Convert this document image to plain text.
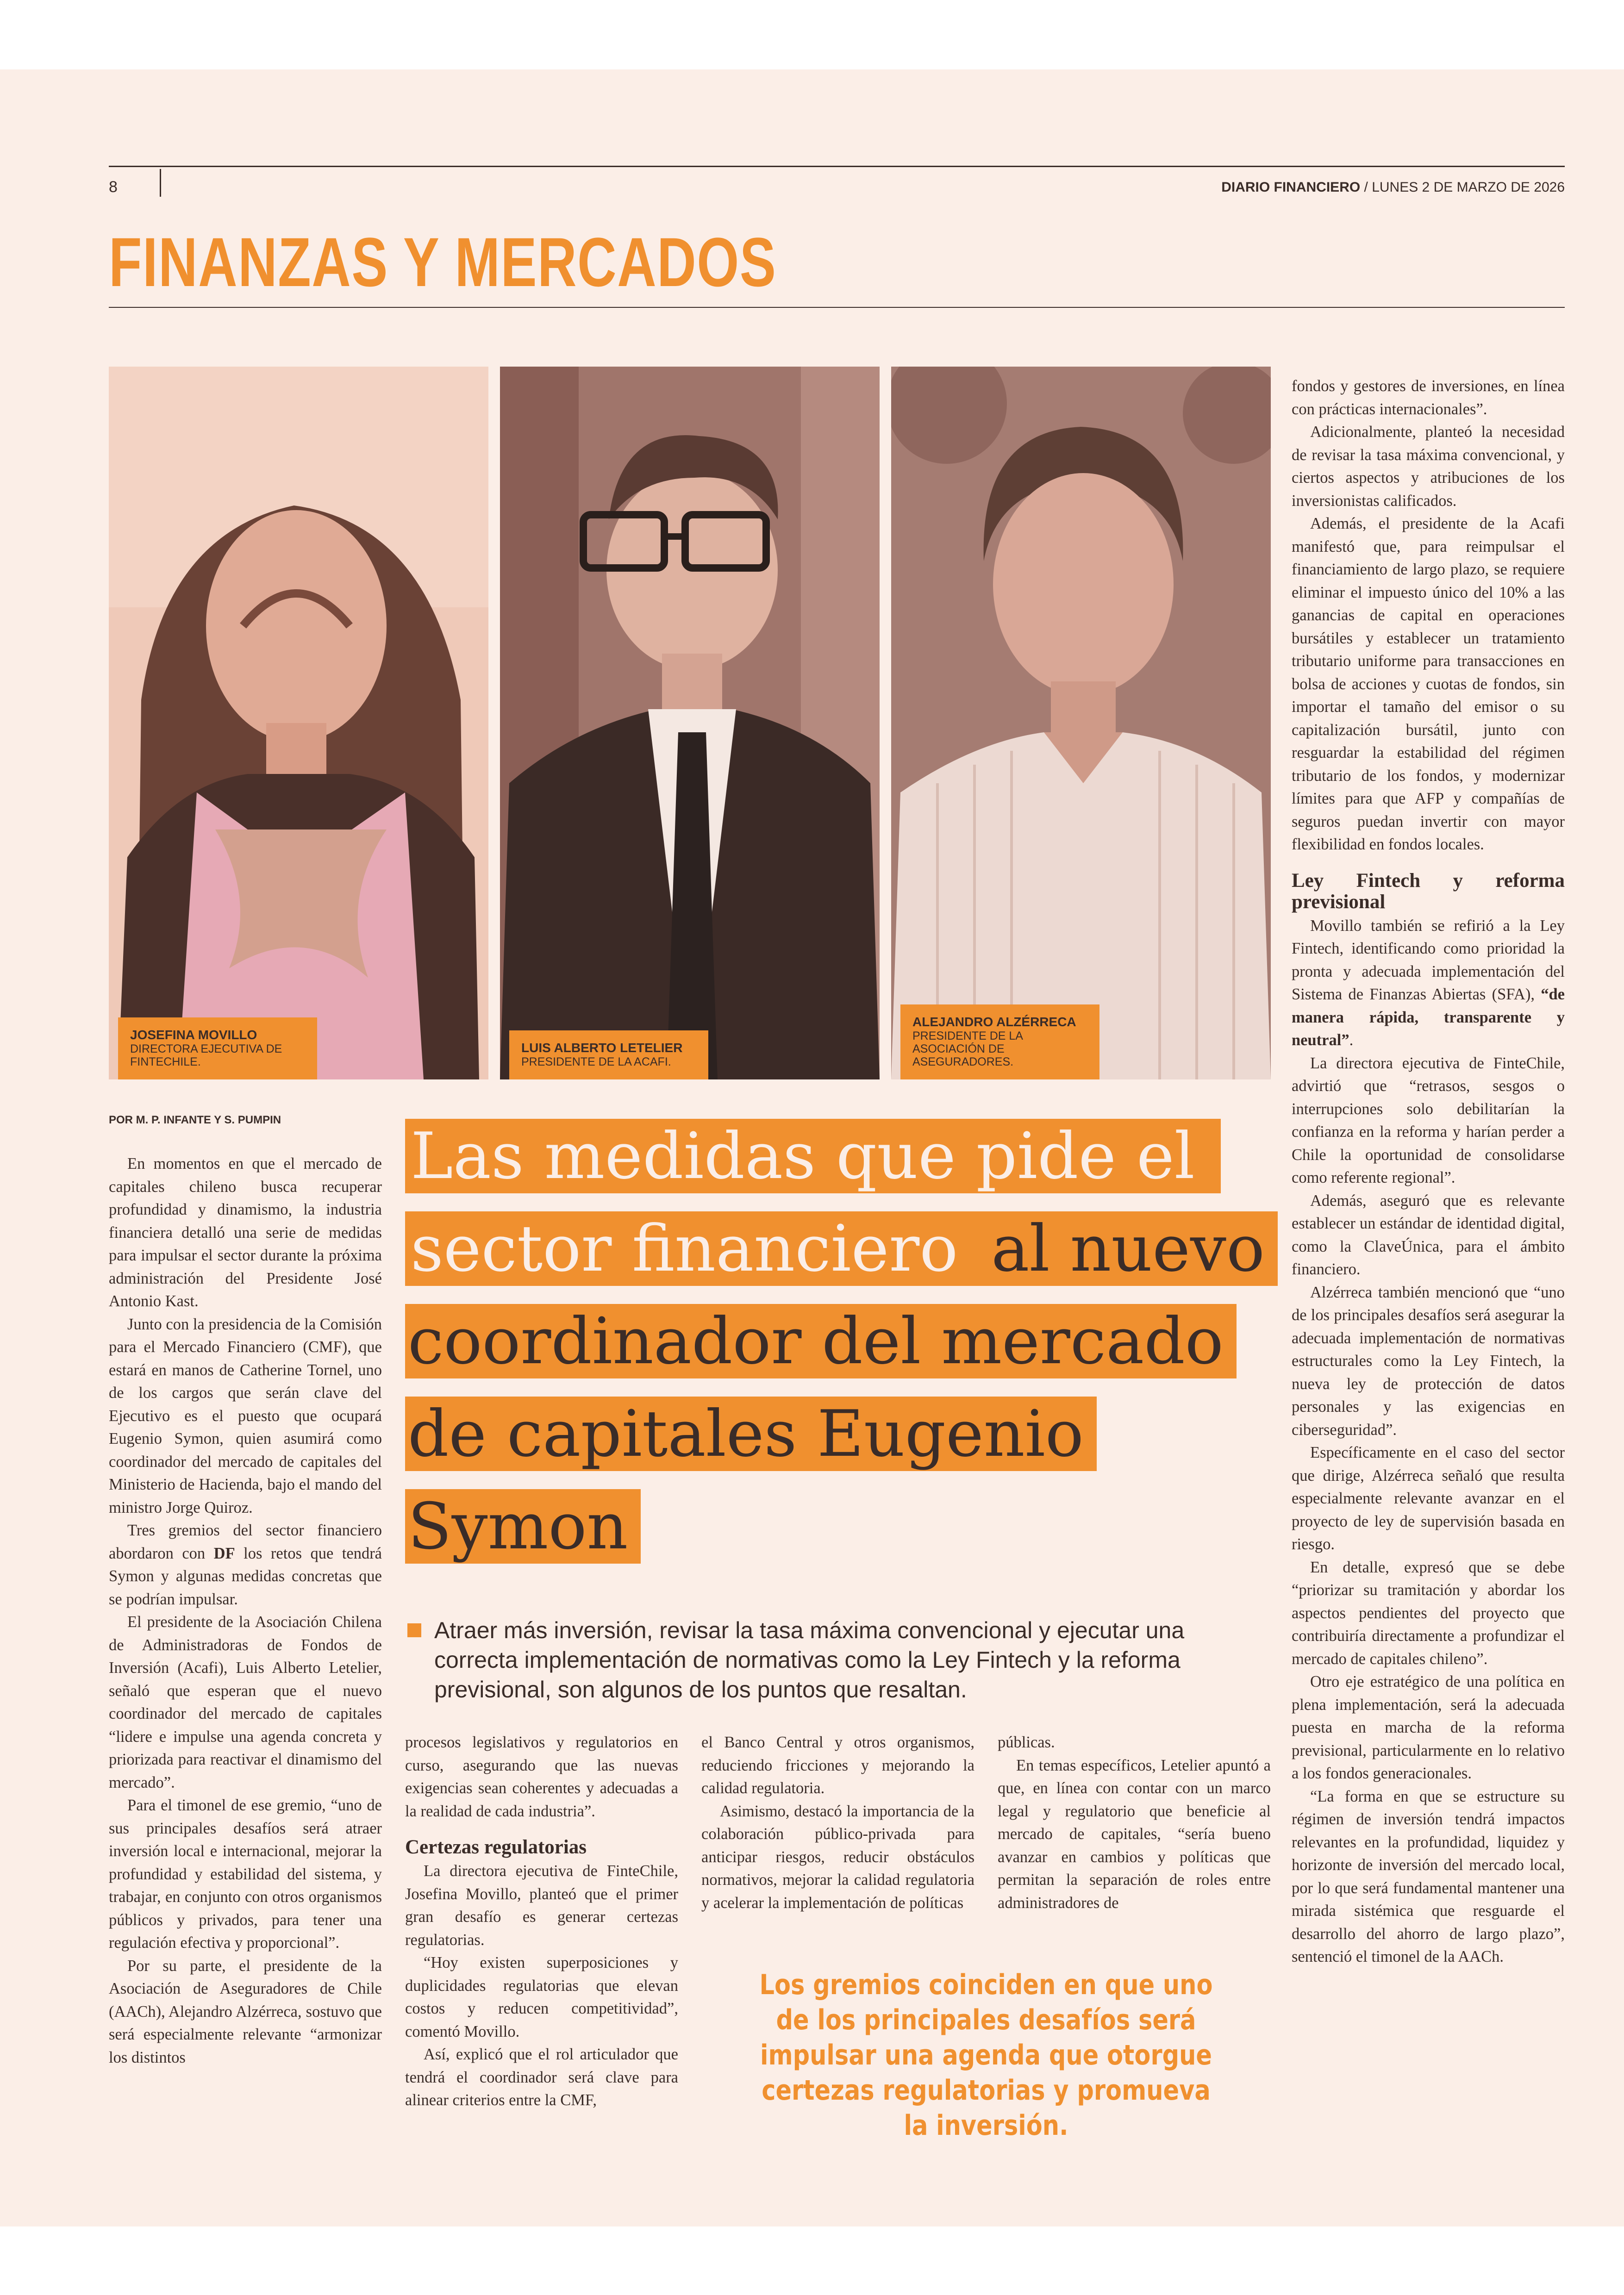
8	DIARIO FINANCIERO / LUNES 2 DE MARZO DE 2026
FINANZAS Y MERCADOS
JOSEFINA MOVILLO
DIRECTORA EJECUTIVA DE FINTECHILE.
LUIS ALBERTO LETELIER
PRESIDENTE DE LA ACAFI.
ALEJANDRO ALZÉRRECA
PRESIDENTE DE LA ASOCIACIÓN DE ASEGURADORES.
POR M. P. INFANTE Y S. PUMPIN Las medidas que pide el sector financiero al nuevo coordinador del mercado de capitales Eugenio Symon
Atraer más inversión, revisar la tasa máxima convencional y ejecutar una correcta implementación de normativas como la Ley Fintech y la reforma previsional, son algunos de los puntos que resaltan.

En momentos en que el mercado de capitales chileno busca recuperar profundidad y dinamismo, la industria financiera detalló una serie de medidas para impulsar el sector durante la próxima administración del Presidente José Antonio Kast.

Junto con la presidencia de la Comisión para el Mercado Financiero (CMF), que estará en manos de Catherine Tornel, uno de los cargos que serán clave del Ejecutivo es el puesto que ocupará Eugenio Symon, quien asumirá como coordinador del mercado de capitales del Ministerio de Hacienda, bajo el mando del ministro Jorge Quiroz.

Tres gremios del sector financiero abordaron con DF los retos que tendrá Symon y algunas medidas concretas que se podrían impulsar.

El presidente de la Asociación Chilena de Administradoras de Fondos de Inversión (Acafi), Luis Alberto Letelier, señaló que esperan que el nuevo coordinador del mercado de capitales “lidere e impulse una agenda concreta y priorizada para reactivar el dinamismo del mercado”.

Para el timonel de ese gremio, “uno de sus principales desafíos será atraer inversión local e internacional, mejorar la profundidad y estabilidad del sistema, y trabajar, en conjunto con otros organismos públicos y privados, para tener una regulación efectiva y proporcional”.

Por su parte, el presidente de la Asociación de Aseguradores de Chile (AACh), Alejandro Alzérreca, sostuvo que será especialmente relevante “armonizar los distintos

procesos legislativos y regulatorios en curso, asegurando que las nuevas exigencias sean coherentes y adecuadas a la realidad de cada industria”.

Certezas regulatorias

La directora ejecutiva de FinteChile, Josefina Movillo, planteó que el primer gran desafío es generar certezas regulatorias.

“Hoy existen superposiciones y duplicidades regulatorias que elevan costos y reducen competitividad”, comentó Movillo.

Así, explicó que el rol articulador que tendrá el coordinador será clave para alinear criterios entre la CMF,

el Banco Central y otros organismos, reduciendo fricciones y mejorando la calidad regulatoria.

Asimismo, destacó la importancia de la colaboración público-privada para anticipar riesgos, reducir obstáculos normativos, mejorar la calidad regulatoria y acelerar la implementación de políticas

públicas.

En temas específicos, Letelier apuntó a que, en línea con contar con un marco legal y regulatorio que beneficie al mercado de capitales, “sería bueno avanzar en cambios y políticas que permitan la separación de roles entre administradores de

Los gremios coinciden en que uno de los principales desafíos será impulsar una agenda que otorgue certezas regulatorias y promueva la inversión.

fondos y gestores de inversiones, en línea con prácticas internacionales”.

Adicionalmente, planteó la necesidad de revisar la tasa máxima convencional, y ciertos aspectos y atribuciones de los inversionistas calificados.

Además, el presidente de la Acafi manifestó que, para reimpulsar el financiamiento de largo plazo, se requiere eliminar el impuesto único del 10% a las ganancias de capital en operaciones bursátiles y establecer un tratamiento tributario uniforme para transacciones en bolsa de acciones y cuotas de fondos, sin importar el tamaño del emisor o su capitalización bursátil, junto con resguardar la estabilidad del régimen tributario de los fondos, y modernizar límites para que AFP y compañías de seguros puedan invertir con mayor flexibilidad en fondos locales.

Ley Fintech y reforma previsional

Movillo también se refirió a la Ley Fintech, identificando como prioridad la pronta y adecuada implementación del Sistema de Finanzas Abiertas (SFA), “de manera rápida, transparente y neutral”.

La directora ejecutiva de FinteChile, advirtió que “retrasos, sesgos o interrupciones solo debilitarían la confianza en la reforma y harían perder a Chile la oportunidad de consolidarse como referente regional”.

Además, aseguró que es relevante establecer un estándar de identidad digital, como la ClaveÚnica, para el ámbito financiero.

Alzérreca también mencionó que “uno de los principales desafíos será asegurar la adecuada implementación de normativas estructurales como la Ley Fintech, la nueva ley de protección de datos personales y las exigencias en ciberseguridad”.

Específicamente en el caso del sector que dirige, Alzérreca señaló que resulta especialmente relevante avanzar en el proyecto de ley de supervisión basada en riesgo.

En detalle, expresó que se debe “priorizar su tramitación y abordar los aspectos pendientes del proyecto que contribuiría directamente a profundizar el mercado de capitales chileno”.

Otro eje estratégico de una política en plena implementación, será la adecuada puesta en marcha de la reforma previsional, particularmente en lo relativo a los fondos generacionales.

“La forma en que se estructure su régimen de inversión tendrá impactos relevantes en la profundidad, liquidez y horizonte de inversión del mercado local, por lo que será fundamental mantener una mirada sistémica que resguarde el desarrollo del ahorro de largo plazo”, sentenció el timonel de la AACh.
